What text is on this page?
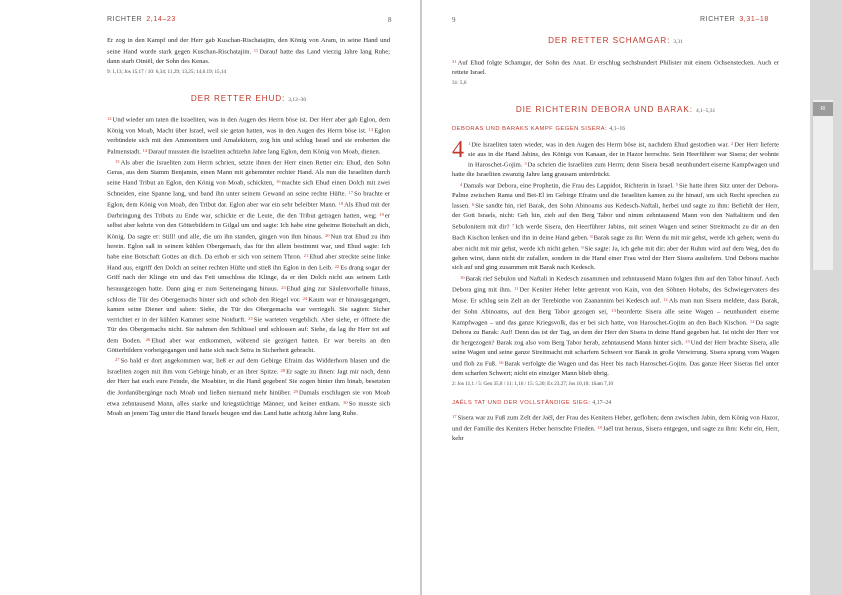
RICHTER 2,14–23	8

Er zog in den Kampf und der Herr gab Kuschan-Rischatajim, den König von Aram, in seine Hand und seine Hand wurde stark gegen Kuschan-Rischatajim. $^{11}$Darauf hatte das Land vierzig Jahre lang Ruhe; dann starb Otniël, der Sohn des Kenas.

9: 1,13; Jos 15,17 / 10: 6,34; 11,29; 13,25; 14,6.19; 15,14
DER RETTER EHUD: 3,12–30

$^{12}$Und wieder um taten die Israeliten, was in den Augen des Herrn böse ist. Der Herr aber gab Eglon, dem König von Moab, Macht über Israel, weil sie getan hatten, was in den Augen des Herrn böse ist. $^{13}$Eglon verbündete sich mit den Ammonitern und Amalekitern, zog hin und schlug Israel und sie eroberten die Palmenstadt. $^{14}$Darauf mussten die Israeliten achtzehn Jahre lang Eglon, dem König von Moab, dienen.

$^{15}$Als aber die Israeliten zum Herrn schrien, setzte ihnen der Herr einen Retter ein: Ehud, den Sohn Geras, aus dem Stamm Benjamin, einen Mann mit gehemmter rechter Hand. Als nun die Israeliten durch seine Hand Tribut an Eglon, den König von Moab, schickten, $^{16}$machte sich Ehud einen Dolch mit zwei Schneiden, eine Spanne lang, und band ihn unter seinem Gewand an seine rechte Hüfte. $^{17}$So brachte er Eglon, dem König von Moab, den Tribut dar. Eglon aber war ein sehr beleibter Mann. $^{18}$Als Ehud mit der Darbringung des Tributs zu Ende war, schickte er die Leute, die den Tribut getragen hatten, weg; $^{19}$er selbst aber kehrte von den Götterbildern in Gilgal um und sagte: Ich habe eine geheime Botschaft an dich, König. Da sagte er: Still! und alle, die um ihn standen, gingen von ihm hinaus. $^{20}$Nun trat Ehud zu ihm herein. Eglon saß in seinem kühlen Obergemach, das für ihn allein bestimmt war, und Ehud sagte: Ich habe eine Botschaft Gottes an dich. Da erhob er sich von seinem Thron. $^{21}$Ehud aber streckte seine linke Hand aus, ergriff den Dolch an seiner rechten Hüfte und stieß ihn Eglon in den Leib. $^{22}$Es drang sogar der Griff nach der Klinge ein und das Fett umschloss die Klinge, da er den Dolch nicht aus seinem Leib herausgezogen hatte. Dann ging er zum Seiteneingang hinaus. $^{23}$Ehud ging zur Säulenvorhalle hinaus, schloss die Tür des Obergemachs hinter sich und schob den Riegel vor. $^{24}$Kaum war er hinausgegangen, kamen seine Diener und sahen: Siehe, die Tür des Obergemachs war verriegelt. Sie sagten: Sicher verrichtet er in der kühlen Kammer seine Notdurft. $^{25}$Sie warteten vergeblich. Aber siehe, er öffnete die Tür des Obergemachs nicht. Sie nahmen den Schlüssel und schlossen auf: Siehe, da lag ihr Herr tot auf dem Boden. $^{26}$Ehud aber war entkommen, während sie gezögert hatten. Er war bereits an den Götterbildern vorbeigegangen und hatte sich nach Seïra in Sicherheit gebracht.

$^{27}$So bald er dort angekommen war, ließ er auf dem Gebirge Efraim das Widderhorn blasen und die Israeliten zogen mit ihm vom Gebirge hinab, er an ihrer Spitze. $^{28}$Er sagte zu ihnen: Jagt mir nach, denn der Herr hat euch eure Feinde, die Moabiter, in die Hand gegeben! Sie zogen hinter ihm hinab, besetzten die Jordanübergänge nach Moab und ließen niemand mehr hinüber. $^{29}$Damals erschlugen sie von Moab etwa zehntausend Mann, alles starke und kriegstüchtige Männer, und keiner entkam. $^{30}$So musste sich Moab an jenem Tag unter die Hand Israels beugen und das Land hatte achtzig Jahre lang Ruhe.

9	RICHTER 3,31–18
DER RETTER SCHAMGAR: 3,31

$^{31}$Auf Ehud folgte Schamgar, der Sohn des Anat. Er erschlug sechshundert Philister mit einem Ochsenstecken. Auch er rettete Israel.

31: 5,6
DIE RICHTERIN DEBORA UND BARAK: 4,1–5,31
DEBORAS UND BARAKS KAMPF GEGEN SISERA: 4,1–16

4 $^1$Die Israeliten taten wieder, was in den Augen des Herrn böse ist, nachdem Ehud gestorben war. $^2$Der Herr lieferte sie aus in die Hand Jabins, des Königs von Kanaan, der in Hazor herrschte. Sein Heerführer war Sisera; der wohnte in Haroschet-Gojim. $^3$Da schrien die Israeliten zum Herrn; denn Sisera besaß neunhundert eiserne Kampfwagen und hatte die Israeliten zwanzig Jahre lang grausam unterdrückt.

$^4$Damals war Debora, eine Prophetin, die Frau des Lappidot, Richterin in Israel. $^5$Sie hatte ihren Sitz unter der Debora-Palme zwischen Rama und Bet-El im Gebirge Efraim und die Israeliten kamen zu ihr hinauf, um sich Recht sprechen zu lassen. $^6$Sie sandte hin, rief Barak, den Sohn Abinoams aus Kedesch-Naftali, herbei und sagte zu ihm: Befiehlt der Herr, der Gott Israels, nicht: Geh hin, zieh auf den Berg Tabor und nimm zehntausend Mann von den Naftalitern und den Sebulonitern mit dir? $^7$Ich werde Sisera, den Heerführer Jabins, mit seinen Wagen und seiner Streitmacht zu dir an den Bach Kischon lenken und ihn in deine Hand geben. $^8$Barak sagte zu ihr: Wenn du mit mir gehst, werde ich gehen; wenn du aber nicht mit mir gehst, werde ich nicht gehen. $^9$Sie sagte: Ja, ich gehe mit dir; aber der Ruhm wird auf dem Weg, den du gehen wirst, dann nicht dir zufallen, sondern in die Hand einer Frau wird der Herr Sisera ausliefern. Und Debora machte sich auf und ging zusammen mit Barak nach Kedesch.

$^{10}$Barak rief Sebulon und Naftali in Kedesch zusammen und zehntausend Mann folgten ihm auf den Tabor hinauf. Auch Debora ging mit ihm. $^{11}$Der Keniter Heber lebte getrennt von Kain, von den Söhnen Hobabs, des Schwiegervaters des Mose. Er schlug sein Zelt an der Terebinthe von Zaanannim bei Kedesch auf. $^{12}$Als man nun Sisera meldete, dass Barak, der Sohn Abinoams, auf den Berg Tabor gezogen sei, $^{13}$beorderte Sisera alle seine Wagen – neunhundert eiserne Kampfwagen – und das ganze Kriegsvolk, das er bei sich hatte, von Haroschet-Gojim an den Bach Kischon. $^{14}$Da sagte Debora zu Barak: Auf! Denn das ist der Tag, an dem der Herr den Sisera in deine Hand gegeben hat. Ist nicht der Herr vor dir hergezogen? Barak zog also vom Berg Tabor herab, zehntausend Mann hinter sich. $^{15}$Und der Herr brachte Sisera, alle seine Wagen und seine ganze Streitmacht mit scharfem Schwert vor Barak in große Verwirrung. Sisera sprang vom Wagen und floh zu Fuß. $^{16}$Barak verfolgte die Wagen und das Heer bis nach Haroschet-Gojim. Das ganze Heer Siseras fiel unter dem scharfen Schwert; nicht ein einziger Mann blieb übrig.

2: Jos 11,1 / 5: Gen 35,8 / 11: 1,16 / 15: 5,20; Ex 23,27; Jos 10,10; 1Sam 7,10
JAËLS TAT UND DER VOLLSTÄNDIGE SIEG: 4,17–24

$^{17}$Sisera war zu Fuß zum Zelt der Jaël, der Frau des Keniters Heber, geflohen; denn zwischen Jabin, dem König von Hazor, und der Familie des Keniters Heber herrschte Frieden. $^{18}$Jaël trat heraus, Sisera entgegen, und sagte zu ihm: Kehr ein, Herr, kehr

RI
